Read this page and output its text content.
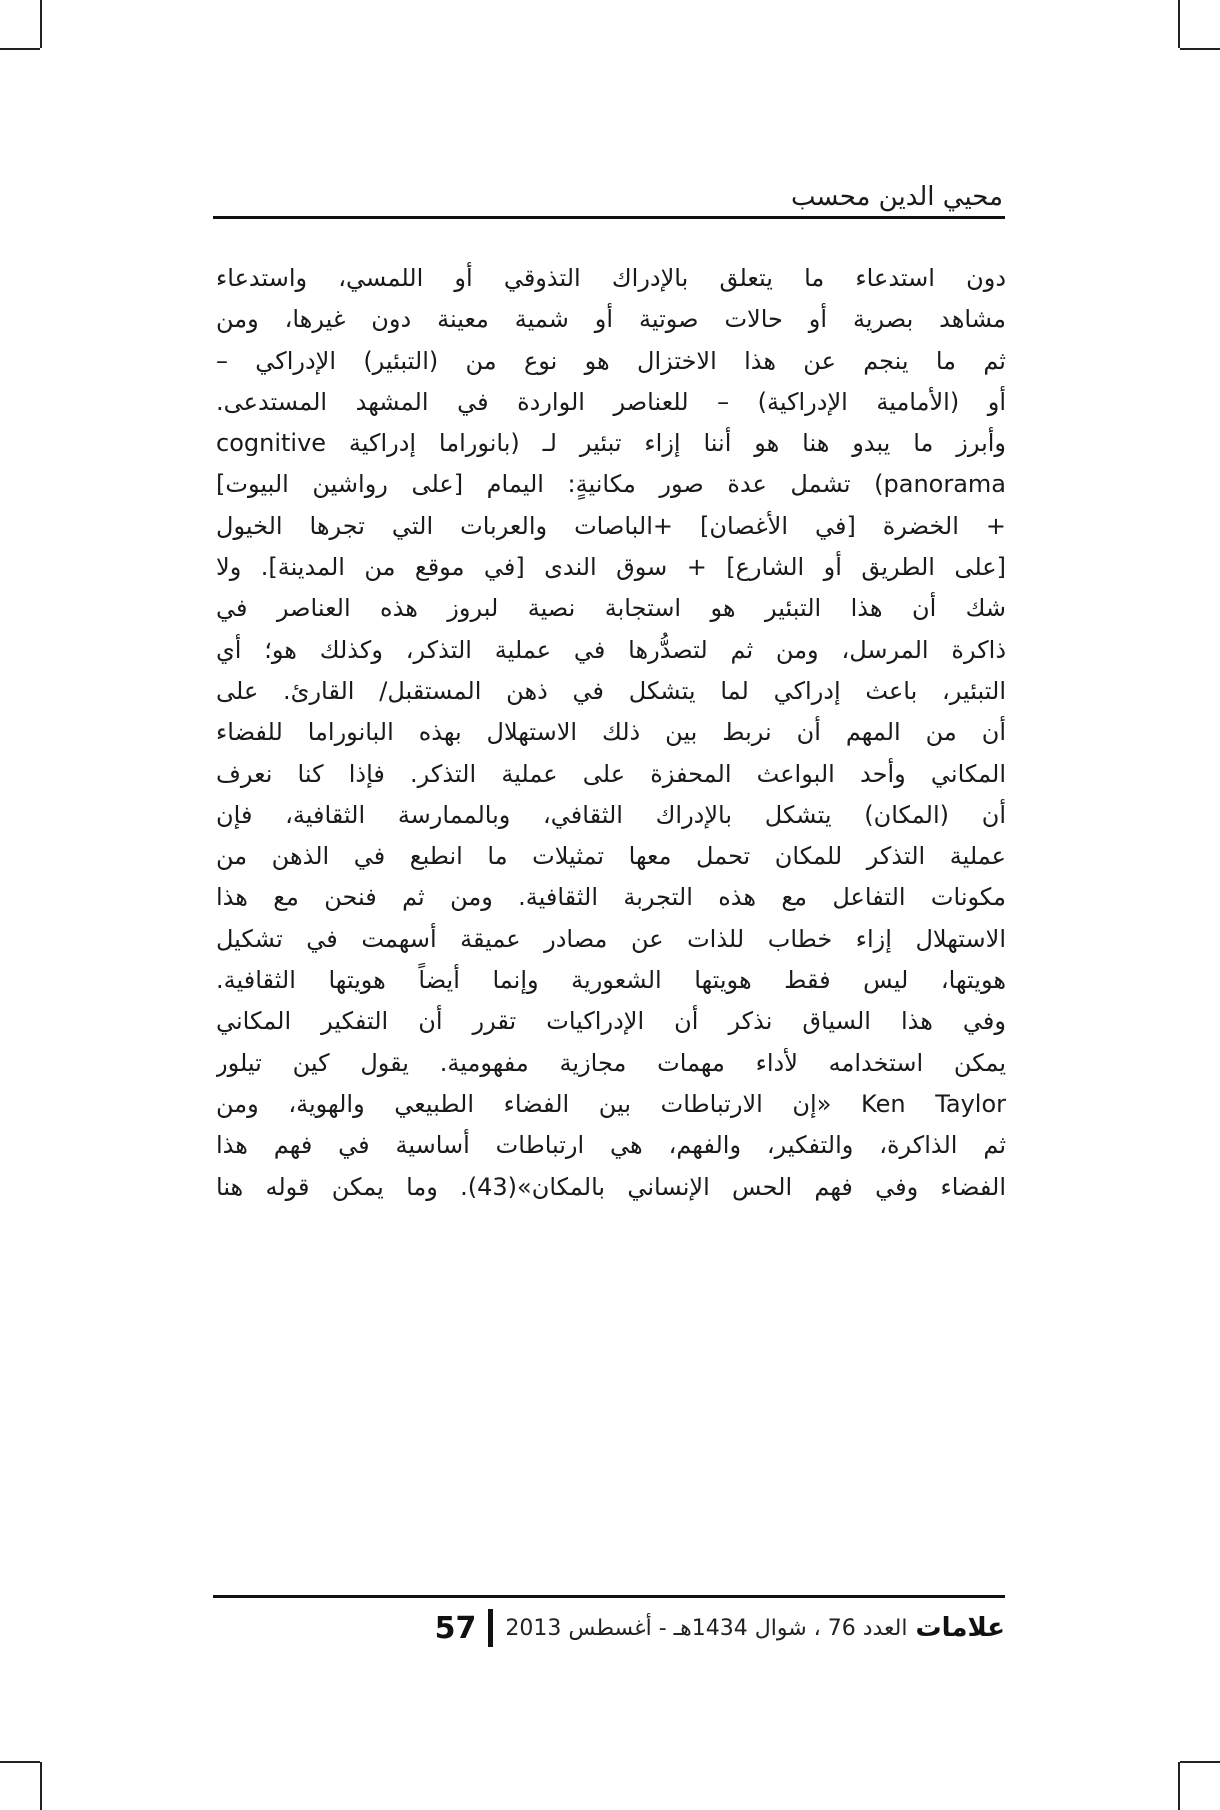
محيي الدين محسب
دون استدعاء ما يتعلق بالإدراك التذوقي أو اللمسي، واستدعاء
مشاهد بصرية أو حالات صوتية أو شمية معينة دون غيرها، ومن
ثم ما ينجم عن هذا الاختزال هو نوع من (التبئير) الإدراكي –
أو (الأمامية الإدراكية) – للعناصر الواردة في المشهد المستدعى.
وأبرز ما يبدو هنا هو أننا إزاء تبئير لـ (بانوراما إدراكية cognitive
panorama) تشمل عدة صور مكانيةٍ: اليمام [على رواشين البيوت]
+ الخضرة [في الأغصان] +الباصات والعربات التي تجرها الخيول
[على الطريق أو الشارع] + سوق الندى [في موقع من المدينة]. ولا
شك أن هذا التبئير هو استجابة نصية لبروز هذه العناصر في
ذاكرة المرسل، ومن ثم لتصدُّرها في عملية التذكر، وكذلك هو؛ أي
التبئير، باعث إدراكي لما يتشكل في ذهن المستقبل/ القارئ. على
أن من المهم أن نربط بين ذلك الاستهلال بهذه البانوراما للفضاء
المكاني وأحد البواعث المحفزة على عملية التذكر. فإذا كنا نعرف
أن (المكان) يتشكل بالإدراك الثقافي، وبالممارسة الثقافية، فإن
عملية التذكر للمكان تحمل معها تمثيلات ما انطبع في الذهن من
مكونات التفاعل مع هذه التجربة الثقافية. ومن ثم فنحن مع هذا
الاستهلال إزاء خطاب للذات عن مصادر عميقة أسهمت في تشكيل
هويتها، ليس فقط هويتها الشعورية وإنما أيضاً هويتها الثقافية.
وفي هذا السياق نذكر أن الإدراكيات تقرر أن التفكير المكاني
يمكن استخدامه لأداء مهمات مجازية مفهومية. يقول كين تيلور
Ken Taylor «إن الارتباطات بين الفضاء الطبيعي والهوية، ومن
ثم الذاكرة، والتفكير، والفهم، هي ارتباطات أساسية في فهم هذا
الفضاء وفي فهم الحس الإنساني بالمكان»(43). وما يمكن قوله هنا
علامات
العدد 76 ، شوال 1434هـ - أغسطس 2013
57
